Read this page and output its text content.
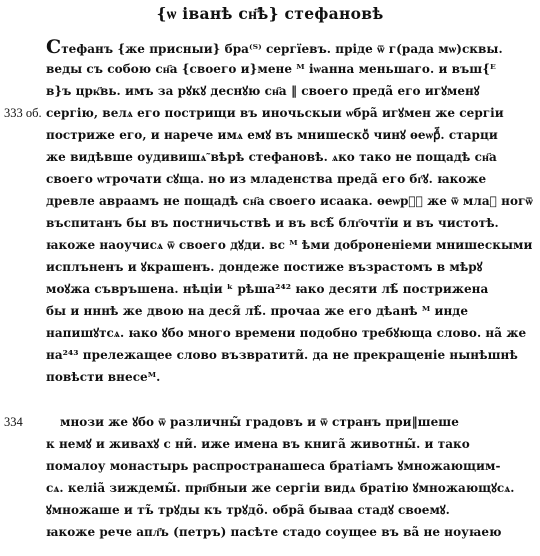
{ѡ iвaнѣ сн҃ѣ} стефaновѣ
333 об.
334
Стефанъ {же присныи} бра⁽ᵀ⁾ сергїевъ. прiде ѿ г(рада мѡ)сквы.
веды съ собою сн҃а {своего и}мене ᴹ iѡанна меньшаго. и въш{ᴱ
в}ъ црк҃вь. имъ за рꙋкꙋ деснꙋю сн҃а ‖ своего преда̃ его игꙋменꙋ
сергiю, велѧ его пострищи въ иночьскыи ѡбра̃ игꙋмен же сергiи
постриже его, и нарече имѧ емꙋ въ мнишескоⷨ чинꙋ ѳеѡрⷣ҃. старци
же видѣвше оудивишѧ̃ вѣрѣ стефановѣ. ѧко тако не пощадѣ сн҃а
своего ѡтрочати сꙋща. но из младенства преда̃ его бг҃ꙋ. ꙗкоже
древле авраамъ не пощадѣ сн҃а своего исаака. ѳеѡрⷣ҃ же ѿ млаⷣ ногѿ
въспитанъ бы въ постничьствѣ и въ всѣ̃ блг҃очтїи и въ чистотѣ.
ꙗкоже наоучисѧ ѿ своего дꙋди. вс ᴹ ѣми доброненiеми мнишескыми
исплъненъ и ꙋкрашенъ. дондеже постиже възрастомъ в мѣрꙋ
моꙋжа съвръшена. нѣцiи ᵏ рѣша²⁴² ꙗко десяти лѣ̃ пострижена
бы и нннѣ же двою на деся̃ лѣ̃. прочаа же его дѣанѣ ᴹ инде
напишꙋтсѧ. ꙗко ꙋбо много времени подобно требꙋюща слово. на̃ же
на²⁴³ прележащее слово възвратити̃. да не прекращенiе нынѣшнѣ
повѣсти внесеᴹ.
мнози же ꙋбо ѿ различны̃ градовъ и ѿ странъ при‖шеше
к немꙋ и живахꙋ с ни̃. иже имена въ книга̃ животны̃. и тако
помалоу монастырь распространашеса братiамъ ꙋмножающим-
сѧ. келiа̃ зиждемы̃. прп҃бныи же сергiи видѧ братiю ꙋмножающꙋсѧ.
ꙋмножаше и тъ̃ трꙋды къ трꙋдо̃. обра̃ бываа стадꙋ своемꙋ.
ꙗкоже рече апл҃ъ (петръ) пасѣте стадо соущее въ ва̃ не ноуꙗею
